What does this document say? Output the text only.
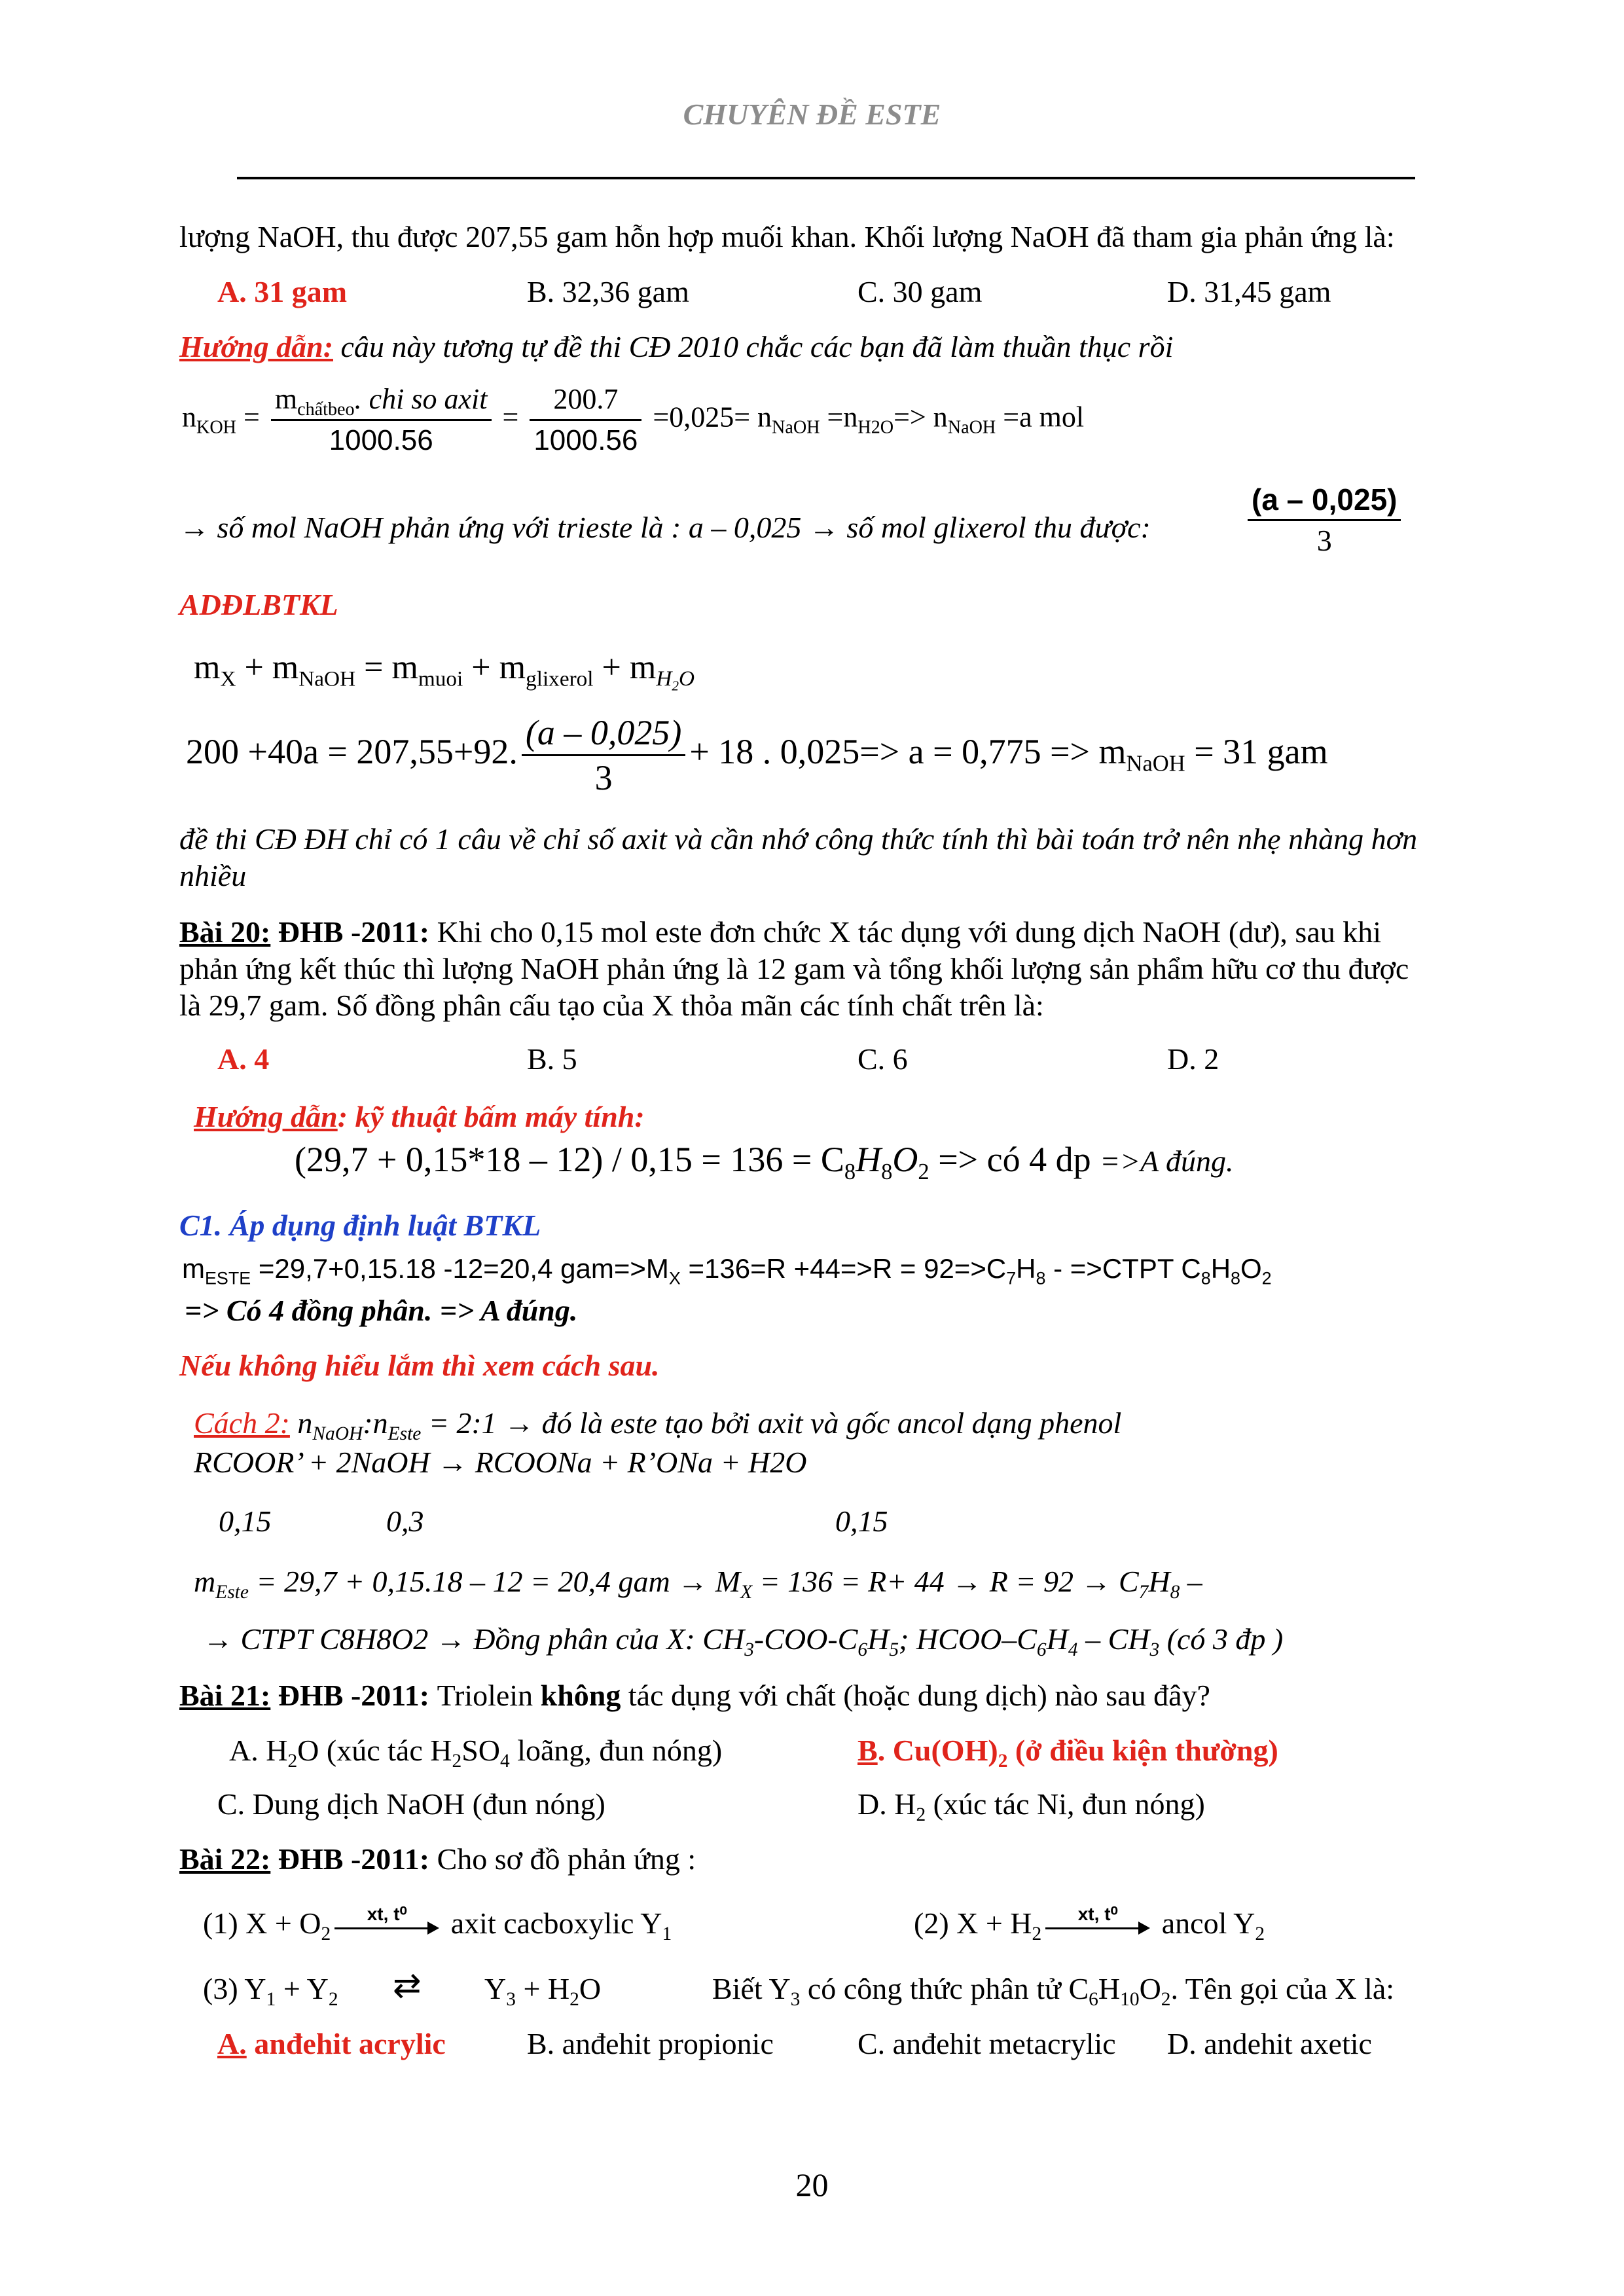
CHUYÊN ĐỀ ESTE
lượng NaOH, thu được 207,55 gam hỗn hợp muối khan. Khối lượng NaOH đã tham gia phản ứng là:
A. 31 gam	B. 32,36 gam	C. 30 gam	D. 31,45 gam
Hướng dẫn: câu này tương tự đề thi CĐ 2010 chắc các bạn đã làm thuần thục rồi
$n_{KOH} = \frac{m_{chấtbeo}. chi so axit}{1000.56} = \frac{200.7}{1000.56} =0,025= n_{NaOH} =n_{H2O}=> n_{NaOH} =a$ mol
→ số mol NaOH phản ứng với trieste là : a – 0,025 → số mol glixerol thu được:	$\frac{(a - 0,025)}{3}$
ADĐLBTKL
$m_X + m_{NaOH} = m_{muoi} + m_{glixerol} + m_{H_2O}$
200 +40a = 207,55+92. $\frac{(a - 0,025)}{3} + 18$ . $0,025=> a = 0,775 => m_{NaOH} = 31$ gam
đề thi CĐ ĐH chỉ có 1 câu về chỉ số axit và cần nhớ công thức tính thì bài toán trở nên nhẹ nhàng hơn
nhiều
Bài 20: ĐHB -2011: Khi cho 0,15 mol este đơn chức X tác dụng với dung dịch NaOH (dư), sau khi
phản ứng kết thúc thì lượng NaOH phản ứng là 12 gam và tổng khối lượng sản phẩm hữu cơ thu được
là 29,7 gam. Số đồng phân cấu tạo của X thỏa mãn các tính chất trên là:
A. 4	B. 5	C. 6	D. 2
Hướng dẫn: kỹ thuật bấm máy tính:
$(29,7 + 0,15*18 - 12) / 0,15 = 136 = C_8H_8O_2$ => có 4 dp =>A đúng.
C1. Áp dụng định luật BTKL
$m_{ESTE} =29,7+0,15.18$ -12=20,4 $gam=>M_X =136=R +44=>R = 92=>C_7H_8$ - =>CTPT $C_8H_8O_2$
=> Có 4 đồng phân. => A đúng.
Nếu không hiểu lắm thì xem cách sau.
Cách 2: $n_{NaOH}:n_{Este}$ = 2:1 → đó là este tạo bởi axit và gốc ancol dạng phenol
RCOOR’ + 2NaOH → RCOONa + R’ONa + H2O
0,15	0,3	0,15
$m_{Este} = 29,7 + 0,15.18 - 12 = 20,4$ gam → $M_X = 136 = R+ 44 \to R = 92 \to C_7H_8$ –
→ CTPT C8H8O2 → Đồng phân của X: $CH_3-COO-C_6H_5$; HCOO–$C_6H_4 - CH_3$ (có 3 đp )
Bài 21: ĐHB -2011: Triolein không tác dụng với chất (hoặc dung dịch) nào sau đây?
A. $H_2O$ (xúc tác $H_2SO_4$ loãng, đun nóng)	B. $Cu(OH)_2$ (ở điều kiện thường)
C. Dung dịch NaOH (đun nóng)	D. $H_2$ (xúc tác Ni, đun nóng)
Bài 22: ĐHB -2011: Cho sơ đồ phản ứng :
(1) $X + O_2$
xt, t⁰	axit cacboxylic $Y_1$	(2) $X + H_2$
xt, t⁰	ancol $Y_2$
(3) $Y_1 + Y_2$ ⇄ $Y_3 + H_2O$	Biết $Y_3$ có công thức phân tử $C_6H_{10}O_2$. Tên gọi của X là:
A. anđehit acrylic	B. anđehit propionic	C. anđehit metacrylic D. andehit axetic
20
